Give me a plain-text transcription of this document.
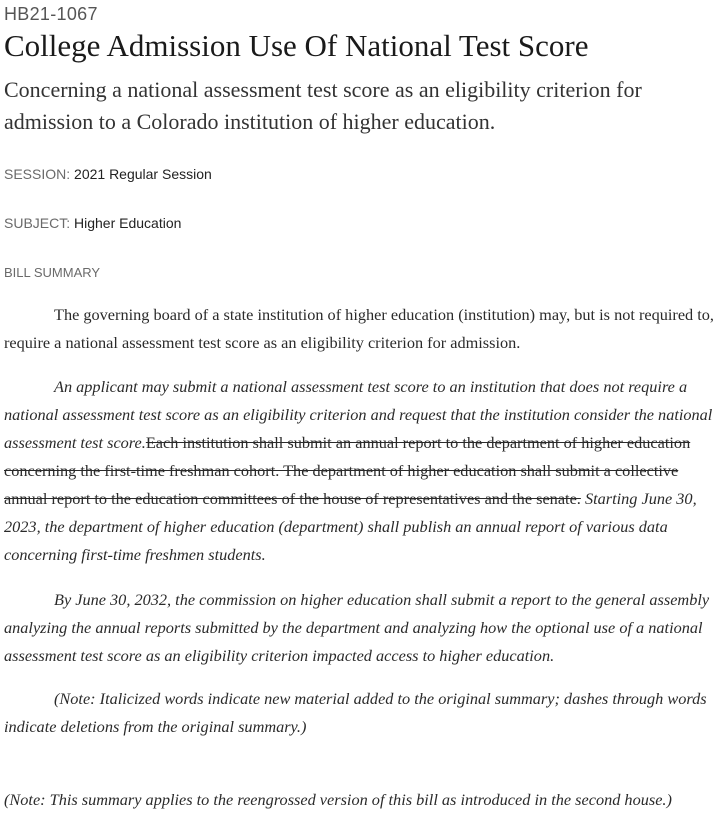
HB21-1067

College Admission Use Of National Test Score

Concerning a national assessment test score as an eligibility criterion for admission to a Colorado institution of higher education.

SESSION: 2021 Regular Session

SUBJECT: Higher Education

BILL SUMMARY

The governing board of a state institution of higher education (institution) may, but is not required to, require a national assessment test score as an eligibility criterion for admission.

An applicant may submit a national assessment test score to an institution that does not require a national assessment test score as an eligibility criterion and request that the institution consider the national assessment test score.Each institution shall submit an annual report to the department of higher education concerning the first-time freshman cohort. The department of higher education shall submit a collective annual report to the education committees of the house of representatives and the senate. Starting June 30, 2023, the department of higher education (department) shall publish an annual report of various data concerning first-time freshmen students.

By June 30, 2032, the commission on higher education shall submit a report to the general assembly analyzing the annual reports submitted by the department and analyzing how the optional use of a national assessment test score as an eligibility criterion impacted access to higher education.

(Note: Italicized words indicate new material added to the original summary; dashes through words indicate deletions from the original summary.)

(Note: This summary applies to the reengrossed version of this bill as introduced in the second house.)
